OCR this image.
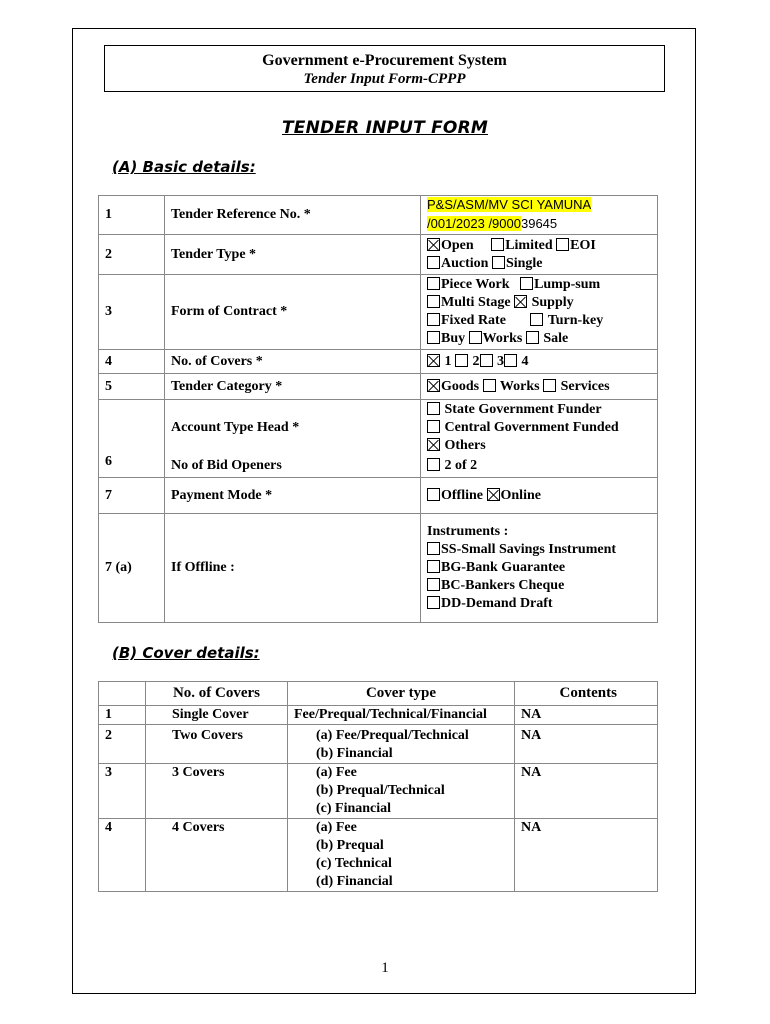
Government e-Procurement System
Tender Input Form-CPPP
TENDER INPUT FORM
(A) Basic details:
1	Tender Reference No. *	P&S/ASM/MV SCI YAMUNA
/001/2023 /900039645

2	Tender Type *	Open Limited EOI
Auction Single

3	Form of Contract *	Piece Work Lump-sum
Multi Stage Supply
Fixed Rate Turn-key
Buy Works Sale

4	No. of Covers *	1 2 3 4

5	Tender Category *	Goods Works Services

6	Account Type Head *	State Government Funder
Central Government Funded
Others

	No of Bid Openers	2 of 2

7	Payment Mode *	Offline Online

7 (a)	If Offline :	Instruments :
SS-Small Savings Instrument
BG-Bank Guarantee
BC-Bankers Cheque
DD-Demand Draft
(B) Cover details:
	No. of Covers	Cover type	Contents
1	Single Cover	Fee/Prequal/Technical/Financial	NA
2	Two Covers	(a) Fee/Prequal/Technical
(b) Financial	NA
3	3 Covers	(a) Fee
(b) Prequal/Technical
(c) Financial	NA
4	4 Covers	(a) Fee
(b) Prequal
(c) Technical
(d) Financial	NA
1
